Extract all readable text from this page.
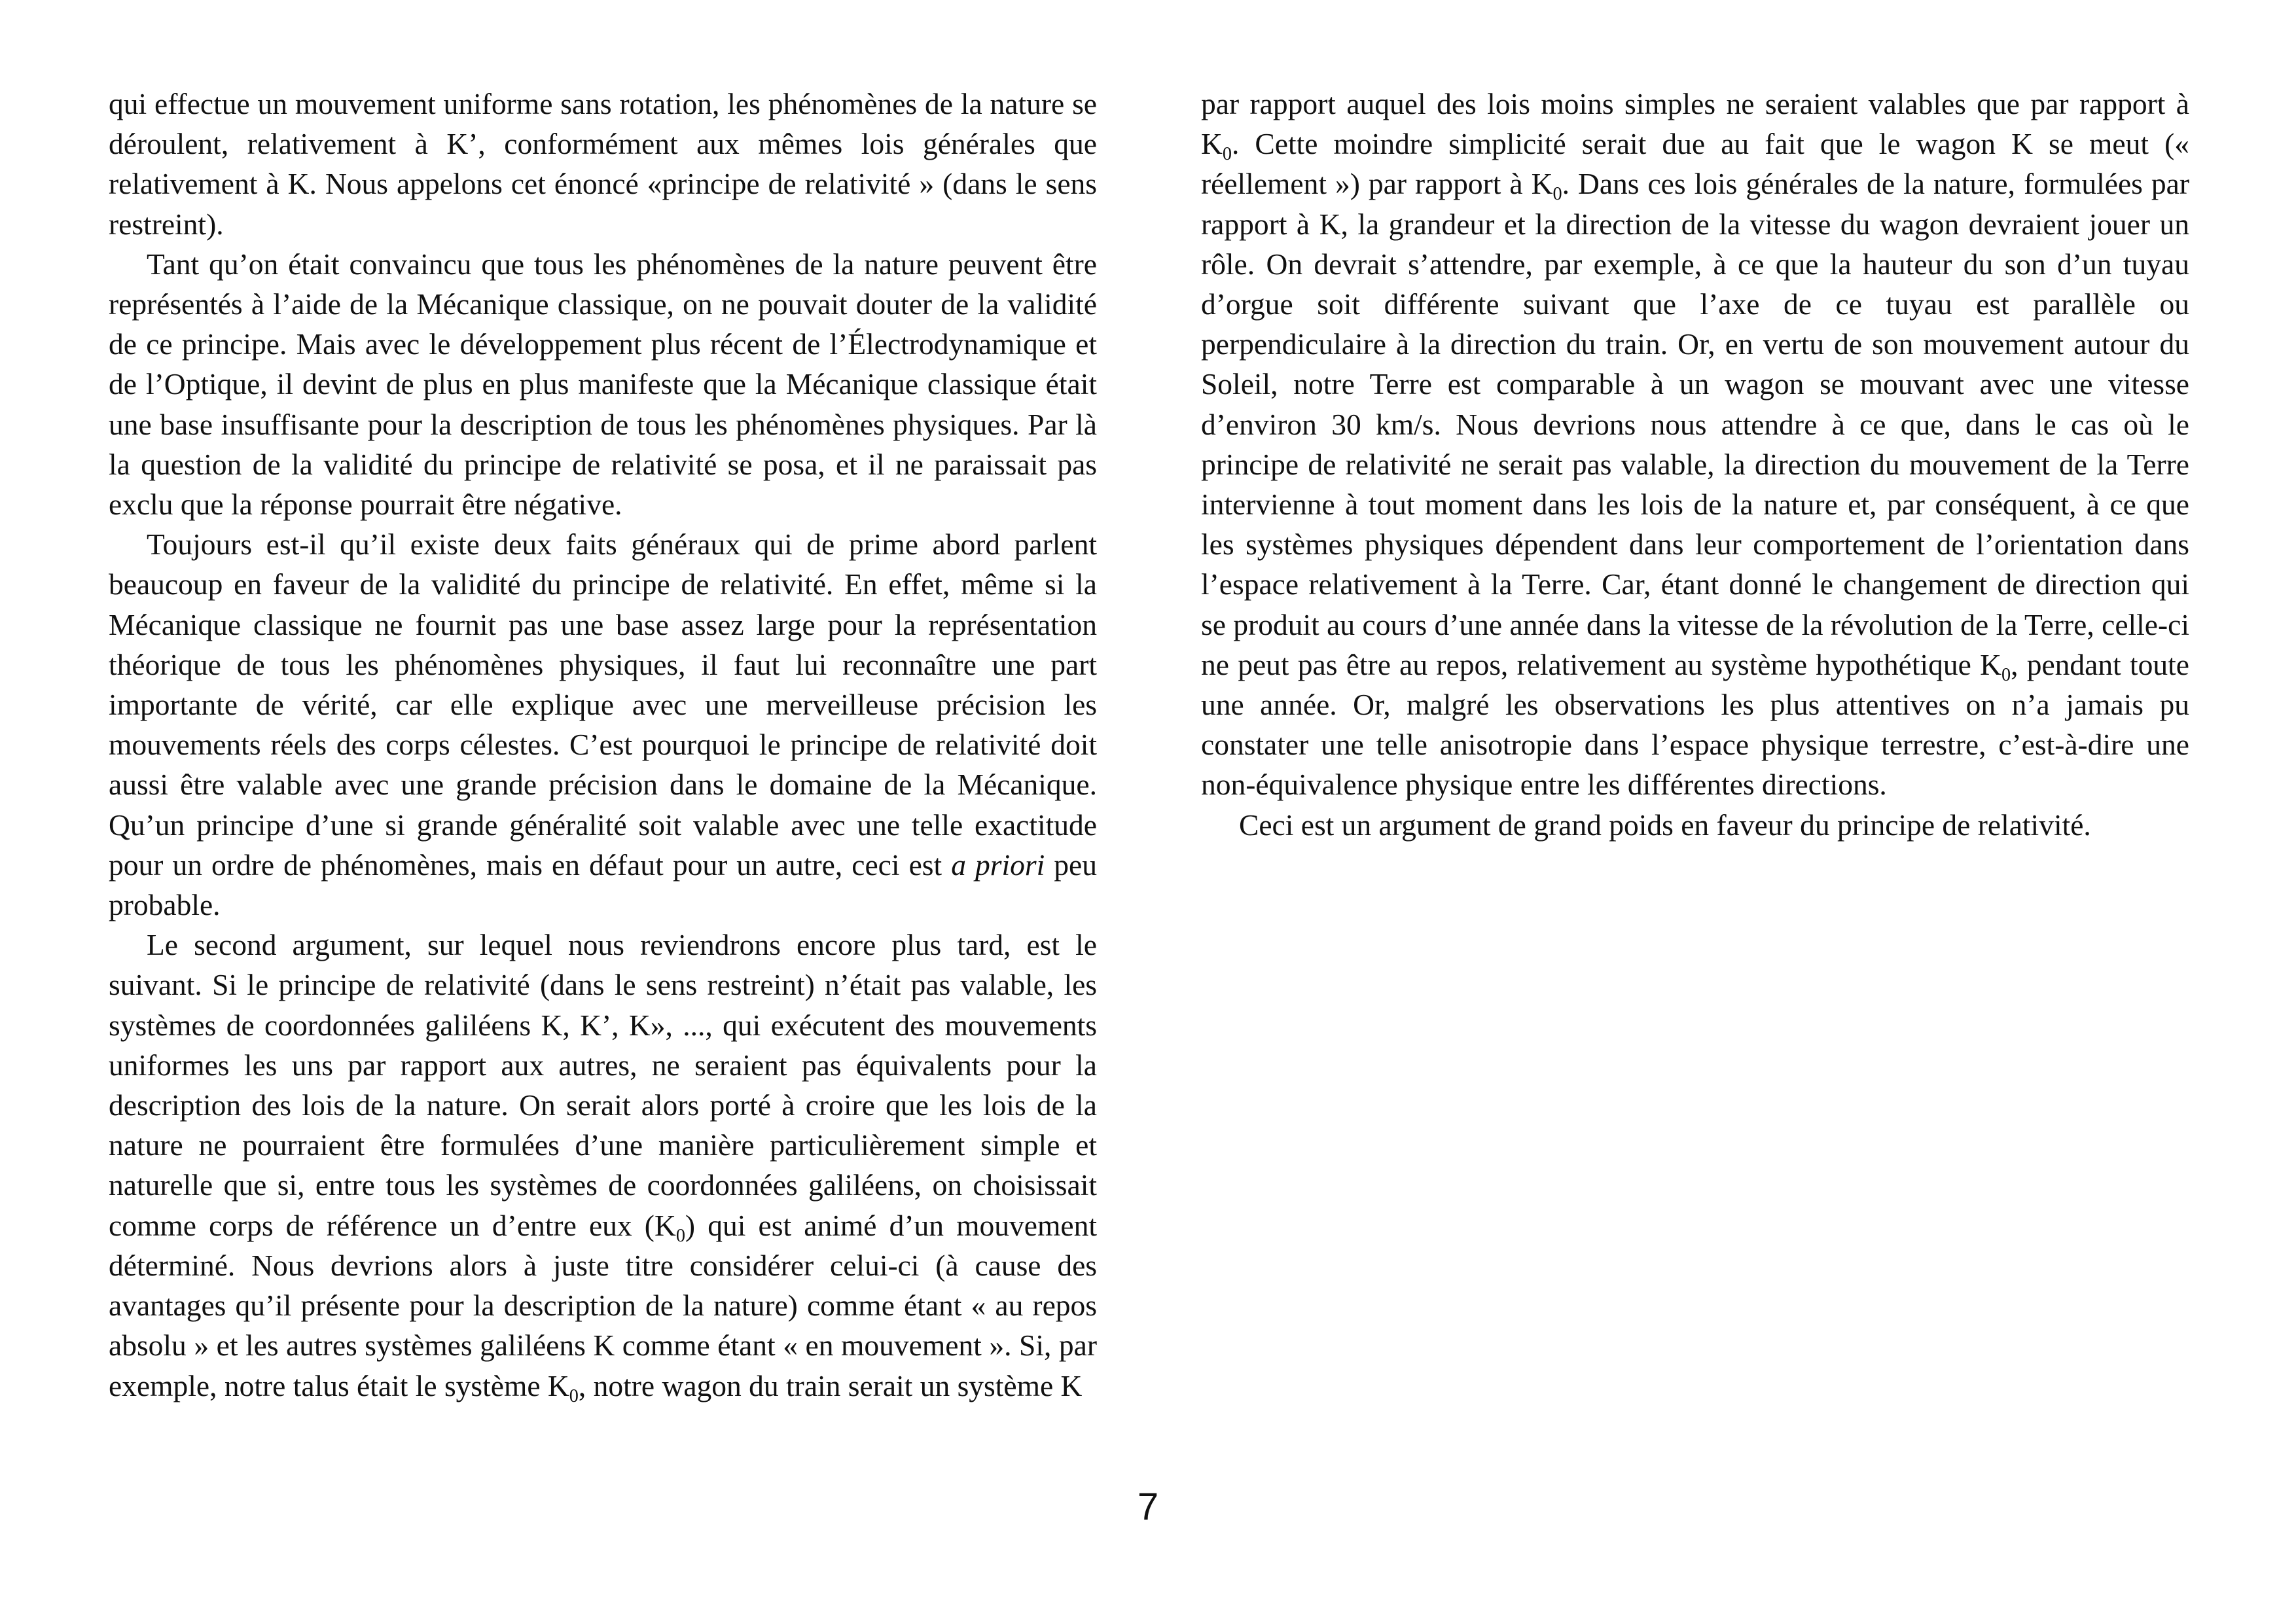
qui effectue un mouvement uniforme sans rotation, les phénomènes de la nature se déroulent, relativement à K’, conformément aux mêmes lois générales que relativement à K. Nous appelons cet énoncé «principe de relativité » (dans le sens restreint).

Tant qu’on était convaincu que tous les phénomènes de la nature peuvent être représentés à l’aide de la Mécanique classique, on ne pouvait douter de la validité de ce principe. Mais avec le développement plus récent de l’Électrodynamique et de l’Optique, il devint de plus en plus manifeste que la Mécanique classique était une base insuffisante pour la description de tous les phénomènes physiques. Par là la question de la validité du principe de relativité se posa, et il ne paraissait pas exclu que la réponse pourrait être négative.

Toujours est-il qu’il existe deux faits généraux qui de prime abord parlent beaucoup en faveur de la validité du principe de relativité. En effet, même si la Mécanique classique ne fournit pas une base assez large pour la représentation théorique de tous les phénomènes physiques, il faut lui reconnaître une part importante de vérité, car elle explique avec une merveilleuse précision les mouvements réels des corps célestes. C’est pourquoi le principe de relativité doit aussi être valable avec une grande précision dans le domaine de la Mécanique. Qu’un principe d’une si grande généralité soit valable avec une telle exactitude pour un ordre de phénomènes, mais en défaut pour un autre, ceci est a priori peu probable.

Le second argument, sur lequel nous reviendrons encore plus tard, est le suivant. Si le principe de relativité (dans le sens restreint) n’était pas valable, les systèmes de coordonnées galiléens K, K’, K», ..., qui exécutent des mouvements uniformes les uns par rapport aux autres, ne seraient pas équivalents pour la description des lois de la nature. On serait alors porté à croire que les lois de la nature ne pourraient être formulées d’une manière particulièrement simple et naturelle que si, entre tous les systèmes de coordonnées galiléens, on choisissait comme corps de référence un d’entre eux $(K_0)$ qui est animé d’un mouvement déterminé. Nous devrions alors à juste titre considérer celui-ci (à cause des avantages qu’il présente pour la description de la nature) comme étant « au repos absolu » et les autres systèmes galiléens K comme étant « en mouvement ». Si, par exemple, notre talus était le système $K_0$, notre wagon du train serait un système K

par rapport auquel des lois moins simples ne seraient valables que par rapport à $K_0$. Cette moindre simplicité serait due au fait que le wagon K se meut (« réellement ») par rapport à $K_0$. Dans ces lois générales de la nature, formulées par rapport à K, la grandeur et la direction de la vitesse du wagon devraient jouer un rôle. On devrait s’attendre, par exemple, à ce que la hauteur du son d’un tuyau d’orgue soit différente suivant que l’axe de ce tuyau est parallèle ou perpendiculaire à la direction du train. Or, en vertu de son mouvement autour du Soleil, notre Terre est comparable à un wagon se mouvant avec une vitesse d’environ 30 km/s. Nous devrions nous attendre à ce que, dans le cas où le principe de relativité ne serait pas valable, la direction du mouvement de la Terre intervienne à tout moment dans les lois de la nature et, par conséquent, à ce que les systèmes physiques dépendent dans leur comportement de l’orientation dans l’espace relativement à la Terre. Car, étant donné le changement de direction qui se produit au cours d’une année dans la vitesse de la révolution de la Terre, celle-ci ne peut pas être au repos, relativement au système hypothétique $K_0$, pendant toute une année. Or, malgré les observations les plus attentives on n’a jamais pu constater une telle anisotropie dans l’espace physique terrestre, c’est-à-dire une non-équivalence physique entre les différentes directions.

Ceci est un argument de grand poids en faveur du principe de relativité.

7
